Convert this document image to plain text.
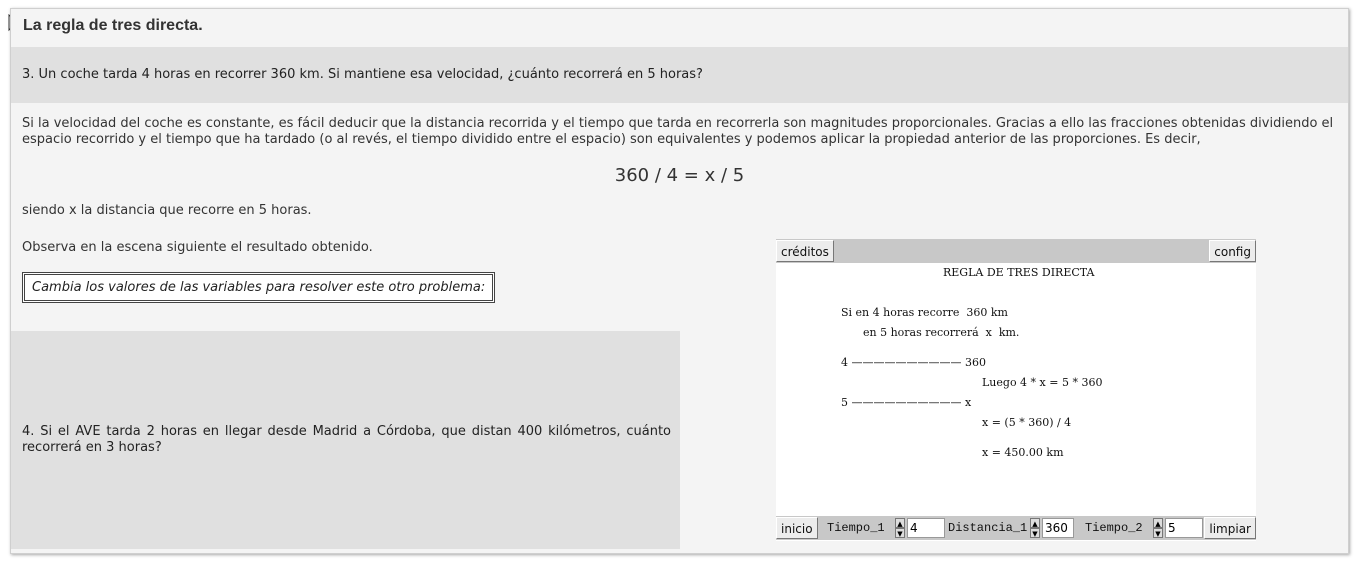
La regla de tres directa.
3. Un coche tarda 4 horas en recorrer 360 km. Si mantiene esa velocidad, ¿cuánto recorrerá en 5 horas?
Si la velocidad del coche es constante, es fácil deducir que la distancia recorrida y el tiempo que tarda en recorrerla son magnitudes proporcionales. Gracias a ello las fracciones obtenidas dividiendo el espacio recorrido y el tiempo que ha tardado (o al revés, el tiempo dividido entre el espacio) son equivalentes y podemos aplicar la propiedad anterior de las proporciones. Es decir,
360 / 4 = x / 5
siendo x la distancia que recorre en 5 horas.
Observa en la escena siguiente el resultado obtenido.
Cambia los valores de las variables para resolver este otro problema:
4. Si el AVE tarda 2 horas en llegar desde Madrid a Córdoba, que distan 400 kilómetros, cuánto recorrerá en 3 horas?
créditos	config
REGLA DE TRES DIRECTA
Si en 4 horas recorre  360 km
en 5 horas recorrerá  x  km.
4 —————————— 360
Luego 4 * x = 5 * 360
5 —————————— x
x = (5 * 360) / 4
x = 450.00 km
inicio	Tiempo_1	▲
▼ 4	Distancia_1 ▲
▼ 360	Tiempo_2	▲
▼ 5	limpiar
